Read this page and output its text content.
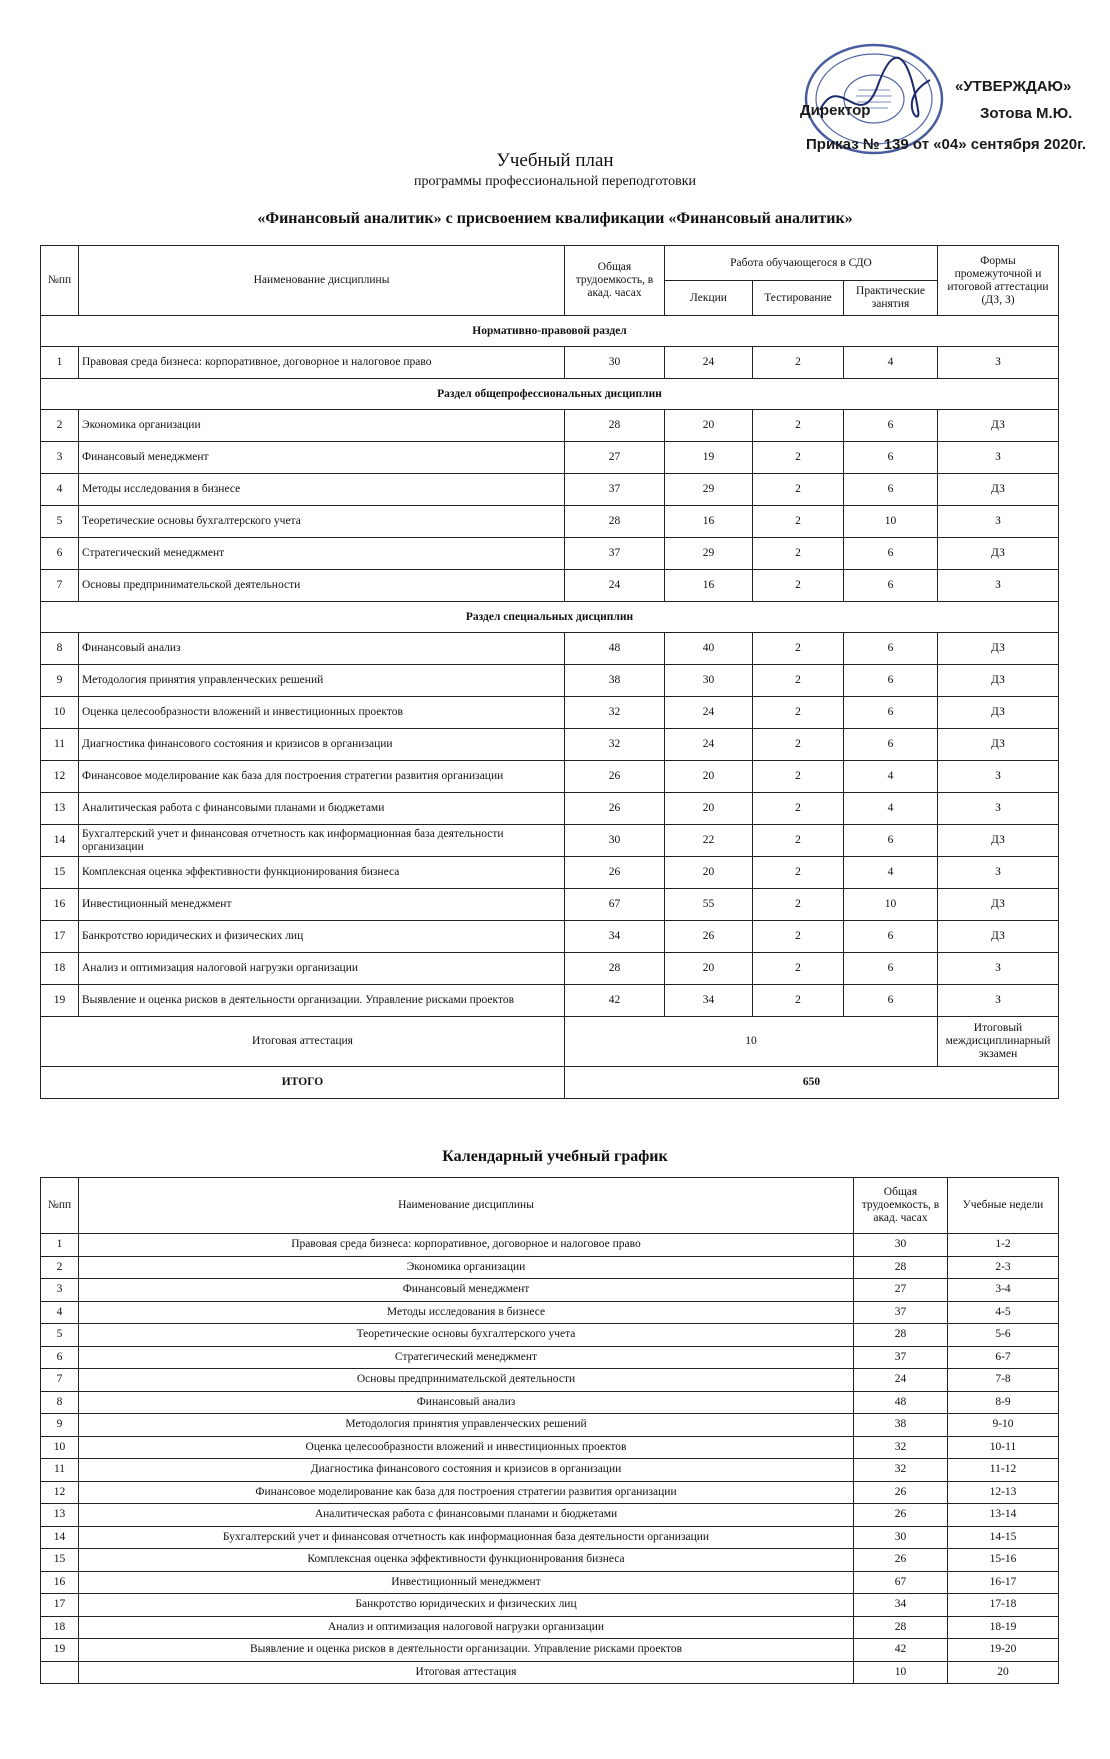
«УТВЕРЖДАЮ»
Директор	Зотова М.Ю.
Приказ № 139 от «04» сентября 2020г.
Учебный план
программы профессиональной переподготовки
«Финансовый аналитик» с присвоением квалификации «Финансовый аналитик»
№пп	Наименование дисциплины	Общая трудоемкость, в акад. часах	Работа обучающегося в СДО			Формы промежуточной и итоговой аттестации (ДЗ, З)
			Лекции	Тестирование	Практические занятия	
Нормативно-правовой раздел						
1	Правовая среда бизнеса: корпоративное, договорное и налоговое право	30	24	2	4	З
Раздел общепрофессиональных дисциплин						
2	Экономика организации	28	20	2	6	ДЗ
3	Финансовый менеджмент	27	19	2	6	З
4	Методы исследования в бизнесе	37	29	2	6	ДЗ
5	Теоретические основы бухгалтерского учета	28	16	2	10	З
6	Стратегический менеджмент	37	29	2	6	ДЗ
7	Основы предпринимательской деятельности	24	16	2	6	З
Раздел специальных дисциплин						
8	Финансовый анализ	48	40	2	6	ДЗ
9	Методология принятия управленческих решений	38	30	2	6	ДЗ
10	Оценка целесообразности вложений и инвестиционных проектов	32	24	2	6	ДЗ
11	Диагностика финансового состояния и кризисов в организации	32	24	2	6	ДЗ
12	Финансовое моделирование как база для построения стратегии развития организации	26	20	2	4	З
13	Аналитическая работа с финансовыми планами и бюджетами	26	20	2	4	З
14	Бухгалтерский учет и финансовая отчетность как информационная база деятельности организации	30	22	2	6	ДЗ
15	Комплексная оценка эффективности функционирования бизнеса	26	20	2	4	З
16	Инвестиционный менеджмент	67	55	2	10	ДЗ
17	Банкротство юридических и физических лиц	34	26	2	6	ДЗ
18	Анализ и оптимизация налоговой нагрузки организации	28	20	2	6	З
19	Выявление и оценка рисков в деятельности организации. Управление рисками проектов	42	34	2	6	З
Итоговая аттестация		10				Итоговый междисциплинарный экзамен
ИТОГО		650				
Календарный учебный график
№пп	Наименование дисциплины	Общая трудоемкость, в акад. часах	Учебные недели
1	Правовая среда бизнеса: корпоративное, договорное и налоговое право	30	1-2
2	Экономика организации	28	2-3
3	Финансовый менеджмент	27	3-4
4	Методы исследования в бизнесе	37	4-5
5	Теоретические основы бухгалтерского учета	28	5-6
6	Стратегический менеджмент	37	6-7
7	Основы предпринимательской деятельности	24	7-8
8	Финансовый анализ	48	8-9
9	Методология принятия управленческих решений	38	9-10
10	Оценка целесообразности вложений и инвестиционных проектов	32	10-11
11	Диагностика финансового состояния и кризисов в организации	32	11-12
12	Финансовое моделирование как база для построения стратегии развития организации	26	12-13
13	Аналитическая работа с финансовыми планами и бюджетами	26	13-14
14	Бухгалтерский учет и финансовая отчетность как информационная база деятельности организации	30	14-15
15	Комплексная оценка эффективности функционирования бизнеса	26	15-16
16	Инвестиционный менеджмент	67	16-17
17	Банкротство юридических и физических лиц	34	17-18
18	Анализ и оптимизация налоговой нагрузки организации	28	18-19
19	Выявление и оценка рисков в деятельности организации. Управление рисками проектов	42	19-20
	Итоговая аттестация	10	20
